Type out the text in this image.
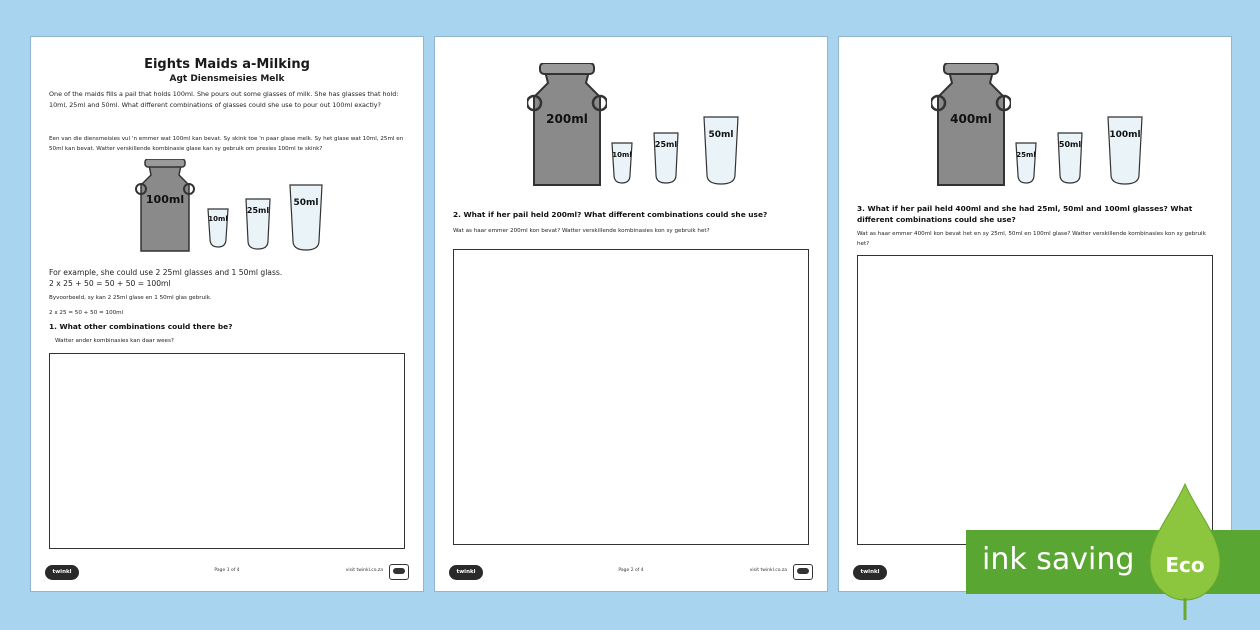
Eights Maids a-Milking
Agt Diensmeisies Melk
One of the maids fills a pail that holds 100ml. She pours out some glasses of milk. She has glasses that hold: 10ml, 25ml and 50ml. What different combinations of glasses could she use to pour out 100ml exactly?
Een van die diensmeisies vul 'n emmer wat 100ml kan bevat. Sy skink toe 'n paar glase melk. Sy het glase wat 10ml, 25ml en 50ml kan bevat. Watter verskillende kombinasie glase kan sy gebruik om presies 100ml te skink?
100ml
10ml
25ml
50ml
For example, she could use 2 25ml glasses and 1 50ml glass.
2 x 25 + 50 = 50 + 50 = 100ml
Byvoorbeeld, sy kan 2 25ml glase en 1 50ml glas gebruik.
2 x 25 = 50 + 50 = 100ml
1. What other combinations could there be?
Watter ander kombinasies kan daar wees?
twinkl	Page 1 of 4	visit twinkl.co.za
200ml
10ml
25ml
50ml
2. What if her pail held 200ml? What different combinations could she use?
Wat as haar emmer 200ml kon bevat? Watter verskillende kombinasies kon sy gebruik het?
twinkl	Page 2 of 4	visit twinkl.co.za
400ml
25ml
50ml
100ml
3. What if her pail held 400ml and she had 25ml, 50ml and 100ml glasses? What different combinations could she use?
Wat as haar emmer 400ml kon bevat het en sy 25ml, 50ml en 100ml glase? Watter verskillende kombinasies kon sy gebruik het?
twinkl	ink saving Eco
